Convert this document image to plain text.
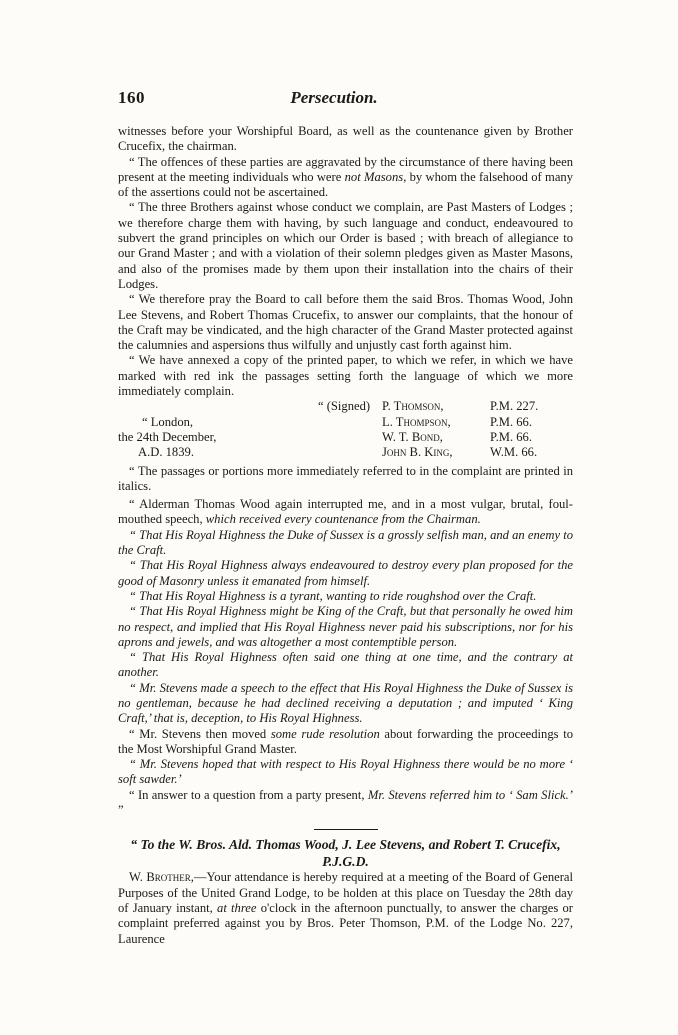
160	Persecution.

witnesses before your Worshipful Board, as well as the countenance given by Brother Crucefix, the chairman.

“ The offences of these parties are aggravated by the circumstance of there having been present at the meeting individuals who were not Masons, by whom the falsehood of many of the assertions could not be ascertained.

“ The three Brothers against whose conduct we complain, are Past Masters of Lodges ; we therefore charge them with having, by such language and conduct, endeavoured to subvert the grand principles on which our Order is based ; with breach of allegiance to our Grand Master ; and with a violation of their solemn pledges given as Master Masons, and also of the promises made by them upon their installation into the chairs of their Lodges.

“ We therefore pray the Board to call before them the said Bros. Thomas Wood, John Lee Stevens, and Robert Thomas Crucefix, to answer our complaints, that the honour of the Craft may be vindicated, and the high character of the Grand Master protected against the calumnies and aspersions thus wilfully and unjustly cast forth against him.

“ We have annexed a copy of the printed paper, to which we refer, in which we have marked with red ink the passages setting forth the language of which we more immediately complain.

“ (Signed) P. Thomson,	P.M. 227.
“ London,	L. Thompson,	P.M. 66.
the 24th December,	W. T. Bond,	P.M. 66.
A.D. 1839.	John B. King,	W.M. 66.

“ The passages or portions more immediately referred to in the complaint are printed in italics.

“ Alderman Thomas Wood again interrupted me, and in a most vulgar, brutal, foul-mouthed speech, which received every countenance from the Chairman.

“ That His Royal Highness the Duke of Sussex is a grossly selfish man, and an enemy to the Craft.

“ That His Royal Highness always endeavoured to destroy every plan proposed for the good of Masonry unless it emanated from himself.

“ That His Royal Highness is a tyrant, wanting to ride roughshod over the Craft.

“ That His Royal Highness might be King of the Craft, but that personally he owed him no respect, and implied that His Royal Highness never paid his subscriptions, nor for his aprons and jewels, and was altogether a most contemptible person.

“ That His Royal Highness often said one thing at one time, and the contrary at another.

“ Mr. Stevens made a speech to the effect that His Royal Highness the Duke of Sussex is no gentleman, because he had declined receiving a deputation ; and imputed ‘ King Craft,’ that is, deception, to His Royal Highness.

“ Mr. Stevens then moved some rude resolution about forwarding the proceedings to the Most Worshipful Grand Master.

“ Mr. Stevens hoped that with respect to His Royal Highness there would be no more ‘ soft sawder.’

“ In answer to a question from a party present, Mr. Stevens referred him to ‘ Sam Slick.’ ”

“ To the W. Bros. Ald. Thomas Wood, J. Lee Stevens, and Robert T. Crucefix, P.J.G.D.

W. Brother,—Your attendance is hereby required at a meeting of the Board of General Purposes of the United Grand Lodge, to be holden at this place on Tuesday the 28th day of January instant, at three o'clock in the afternoon punctually, to answer the charges or complaint preferred against you by Bros. Peter Thomson, P.M. of the Lodge No. 227, Laurence
